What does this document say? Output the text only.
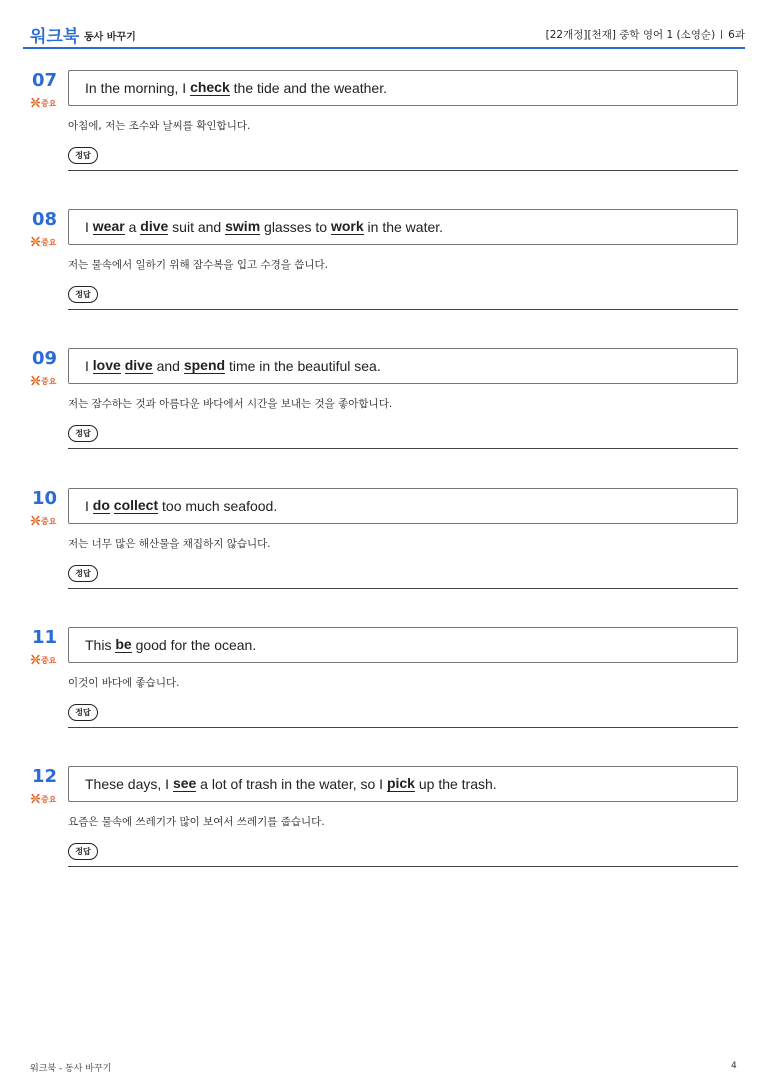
워크북 동사 바꾸기	[22개정][천재] 중학 영어 1 (소영순) 6과
07
중요
In the morning, I check the tide and the weather.
아침에, 저는 조수와 날씨를 확인합니다.
정답
08
중요
I wear a dive suit and swim glasses to work in the water.
저는 물속에서 일하기 위해 잠수복을 입고 수경을 씁니다.
정답
09
중요
I love
dive and spend time in the beautiful sea.
저는 잠수하는 것과 아름다운 바다에서 시간을 보내는 것을 좋아합니다.
정답
10
중요
I do
collect too much seafood.
저는 너무 많은 해산물을 채집하지 않습니다.
정답
11
중요
This be good for the ocean.
이것이 바다에 좋습니다.
정답
12
중요
These days, I see a lot of trash in the water, so I pick up the trash.
요즘은 물속에 쓰레기가 많이 보여서 쓰레기를 줍습니다.
정답
워크북 - 동사 바꾸기	4
